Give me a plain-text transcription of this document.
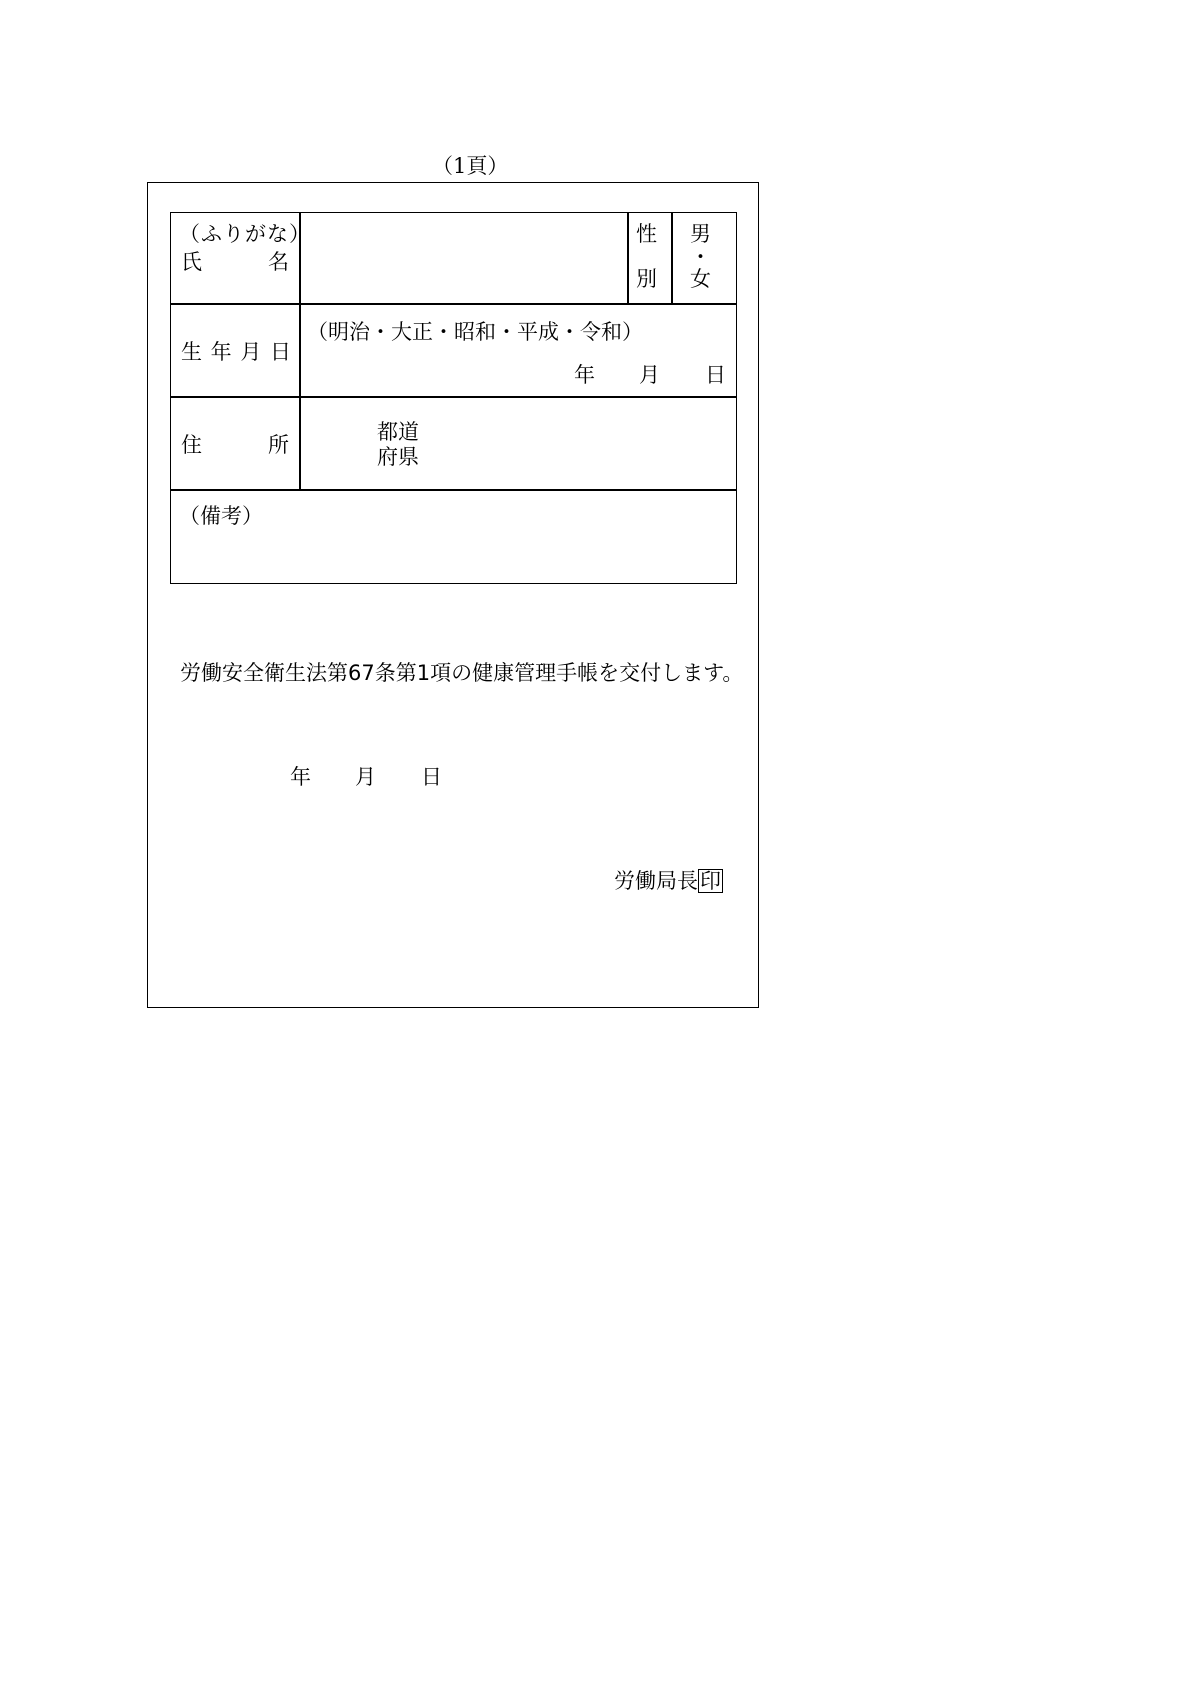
（1頁）
（ふりがな）
氏	名
性
別
男
・
女
生 年 月 日
（明治・大正・昭和・平成・令和）
年 月 日
住	所
都道
府県
（備考）
労働安全衛生法第67条第1項の健康管理手帳を交付します。
年 月 日
労働局長印
